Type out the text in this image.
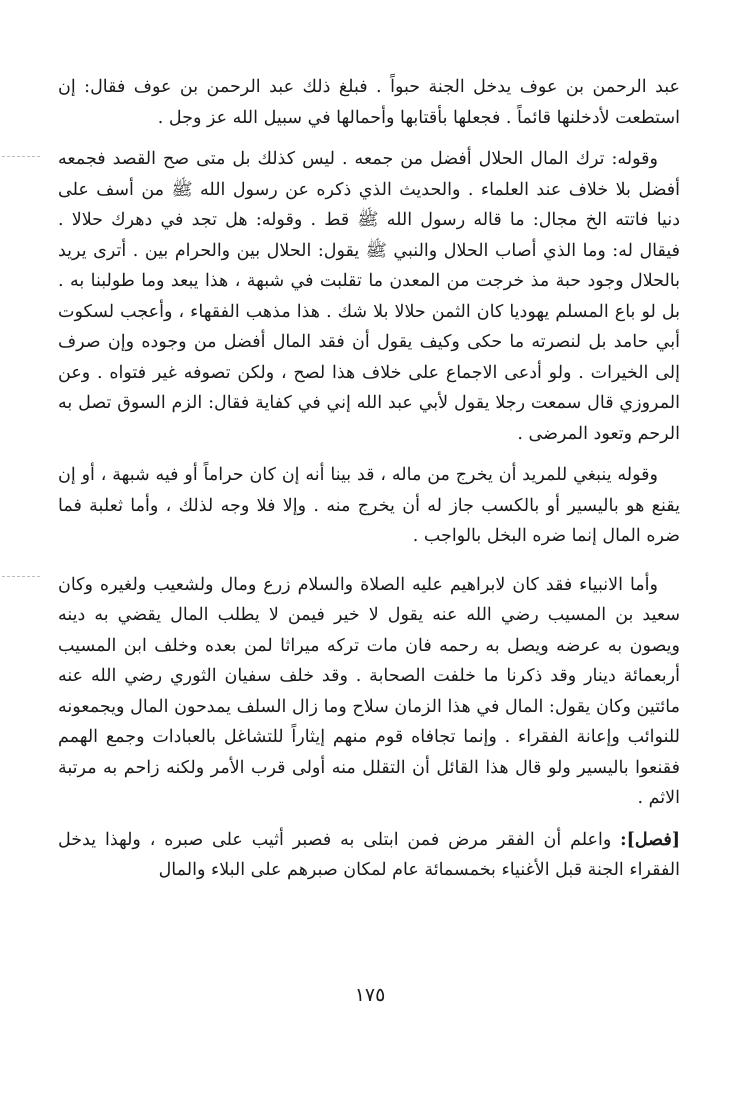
عبد الرحمن بن عوف يدخل الجنة حبواً . فبلغ ذلك عبد الرحمن بن عوف فقال: إن استطعت لأدخلنها قائماً . فجعلها بأقتابها وأحمالها في سبيل الله عز وجل .

وقوله: ترك المال الحلال أفضل من جمعه . ليس كذلك بل متى صح القصد فجمعه أفضل بلا خلاف عند العلماء . والحديث الذي ذكره عن رسول الله ﷺ من أسف على دنيا فاتته الخ مجال: ما قاله رسول الله ﷺ قط . وقوله: هل تجد في دهرك حلالا . فيقال له: وما الذي أصاب الحلال والنبي ﷺ يقول: الحلال بين والحرام بين . أترى يريد بالحلال وجود حبة مذ خرجت من المعدن ما تقلبت في شبهة ، هذا يبعد وما طولبنا به . بل لو باع المسلم يهوديا كان الثمن حلالا بلا شك . هذا مذهب الفقهاء ، وأعجب لسكوت أبي حامد بل لنصرته ما حكى وكيف يقول أن فقد المال أفضل من وجوده وإن صرف إلى الخيرات . ولو أدعى الاجماع على خلاف هذا لصح ، ولكن تصوفه غير فتواه . وعن المروزي قال سمعت رجلا يقول لأبي عبد الله إني في كفاية فقال: الزم السوق تصل به الرحم وتعود المرضى .

وقوله ينبغي للمريد أن يخرج من ماله ، قد بينا أنه إن كان حراماً أو فيه شبهة ، أو إن يقنع هو باليسير أو بالكسب جاز له أن يخرج منه . وإلا فلا وجه لذلك ، وأما ثعلبة فما ضره المال إنما ضره البخل بالواجب .

وأما الانبياء فقد كان لابراهيم عليه الصلاة والسلام زرع ومال ولشعيب ولغيره وكان سعيد بن المسيب رضي الله عنه يقول لا خير فيمن لا يطلب المال يقضي به دينه ويصون به عرضه ويصل به رحمه فان مات تركه ميراثا لمن بعده وخلف ابن المسيب أربعمائة دينار وقد ذكرنا ما خلفت الصحابة . وقد خلف سفيان الثوري رضي الله عنه مائتين وكان يقول: المال في هذا الزمان سلاح وما زال السلف يمدحون المال ويجمعونه للنوائب وإعانة الفقراء . وإنما تجافاه قوم منهم إيثاراً للتشاغل بالعبادات وجمع الهمم فقنعوا باليسير ولو قال هذا القائل أن التقلل منه أولى قرب الأمر ولكنه زاحم به مرتبة الاثم .

[فصل]: واعلم أن الفقر مرض فمن ابتلى به فصبر أثيب على صبره ، ولهذا يدخل الفقراء الجنة قبل الأغنياء بخمسمائة عام لمكان صبرهم على البلاء والمال

١٧٥
